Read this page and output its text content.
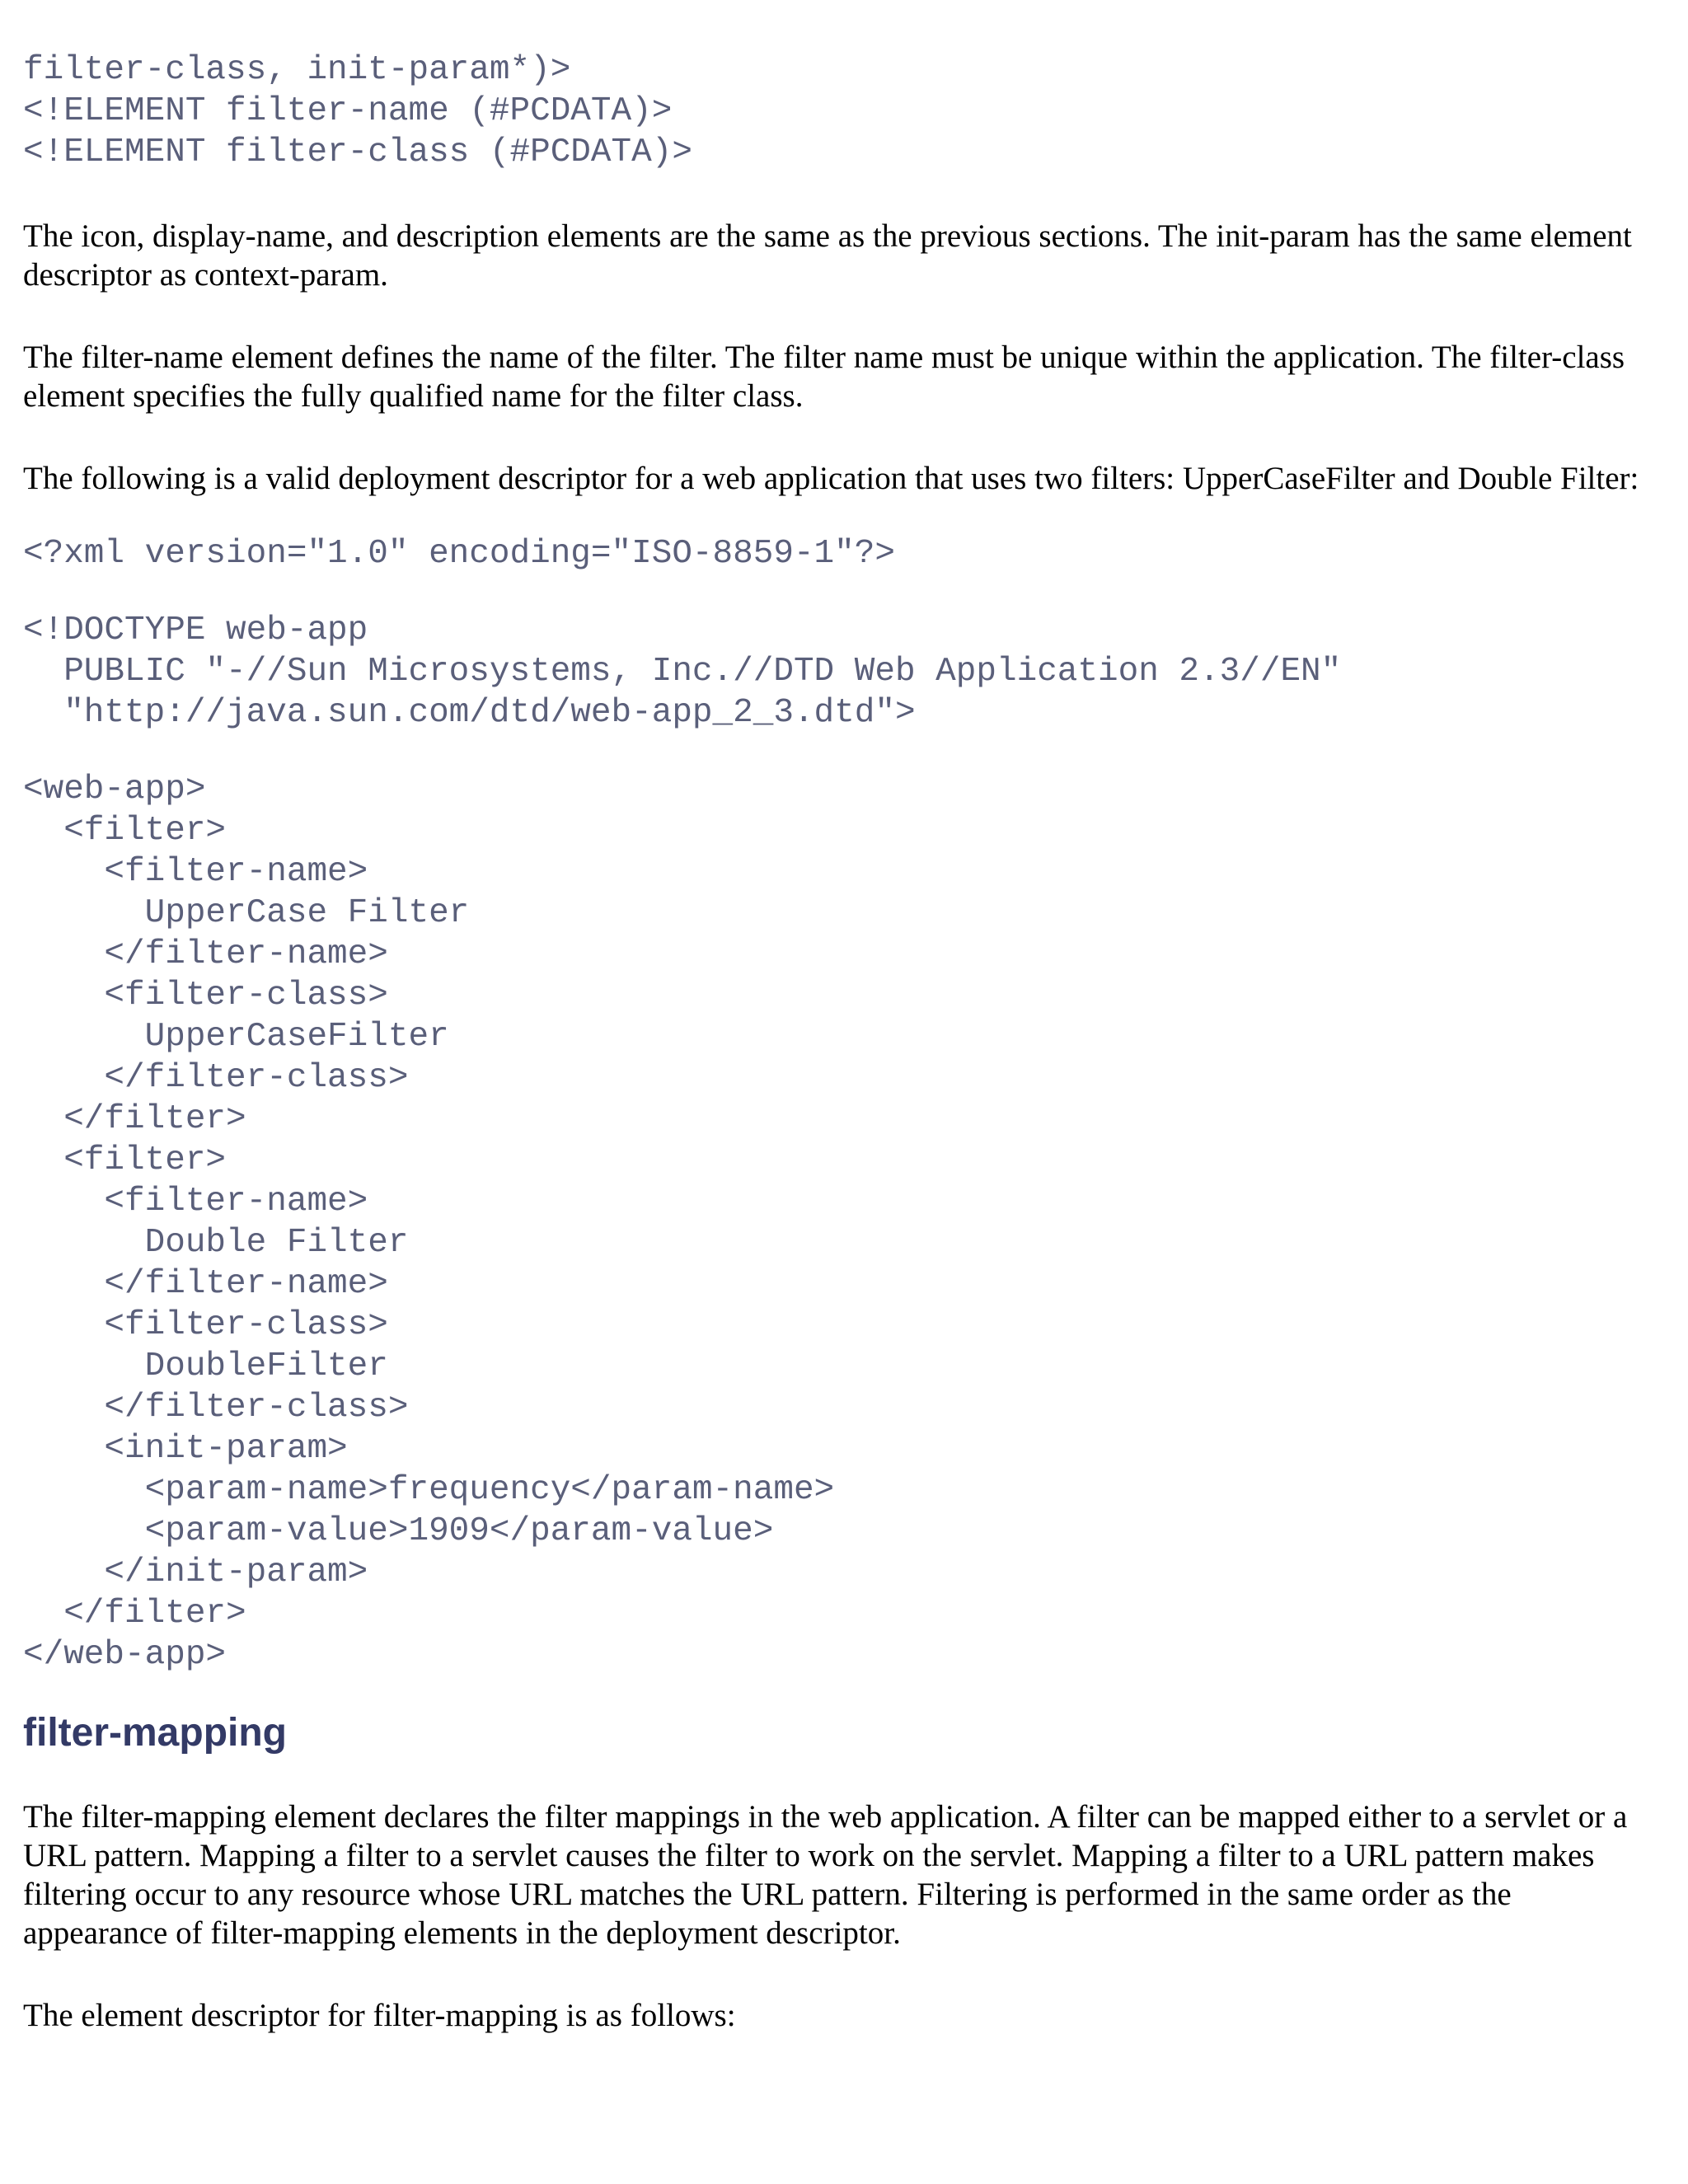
filter-class, init-param*)>
<!ELEMENT filter-name (#PCDATA)>
<!ELEMENT filter-class (#PCDATA)>

The icon, display-name, and description elements are the same as the previous sections. The init-param has the same element descriptor as context-param.

The filter-name element defines the name of the filter. The filter name must be unique within the application. The filter-class element specifies the fully qualified name for the filter class.

The following is a valid deployment descriptor for a web application that uses two filters: UpperCaseFilter and Double Filter:

<?xml version="1.0" encoding="ISO-8859-1"?>
<!DOCTYPE web-app
PUBLIC "-//Sun Microsystems, Inc.//DTD Web Application 2.3//EN"
"http://java.sun.com/dtd/web-app_2_3.dtd">
<web-app>
<filter>
<filter-name>
UpperCase Filter
</filter-name>
<filter-class>
UpperCaseFilter
</filter-class>
</filter>
<filter>
<filter-name>
Double Filter
</filter-name>
<filter-class>
DoubleFilter
</filter-class>
<init-param>
<param-name>frequency</param-name>
<param-value>1909</param-value>
</init-param>
</filter>
</web-app>
filter-mapping

The filter-mapping element declares the filter mappings in the web application. A filter can be mapped either to a servlet or a URL pattern. Mapping a filter to a servlet causes the filter to work on the servlet. Mapping a filter to a URL pattern makes filtering occur to any resource whose URL matches the URL pattern. Filtering is performed in the same order as the appearance of filter-mapping elements in the deployment descriptor.

The element descriptor for filter-mapping is as follows:
